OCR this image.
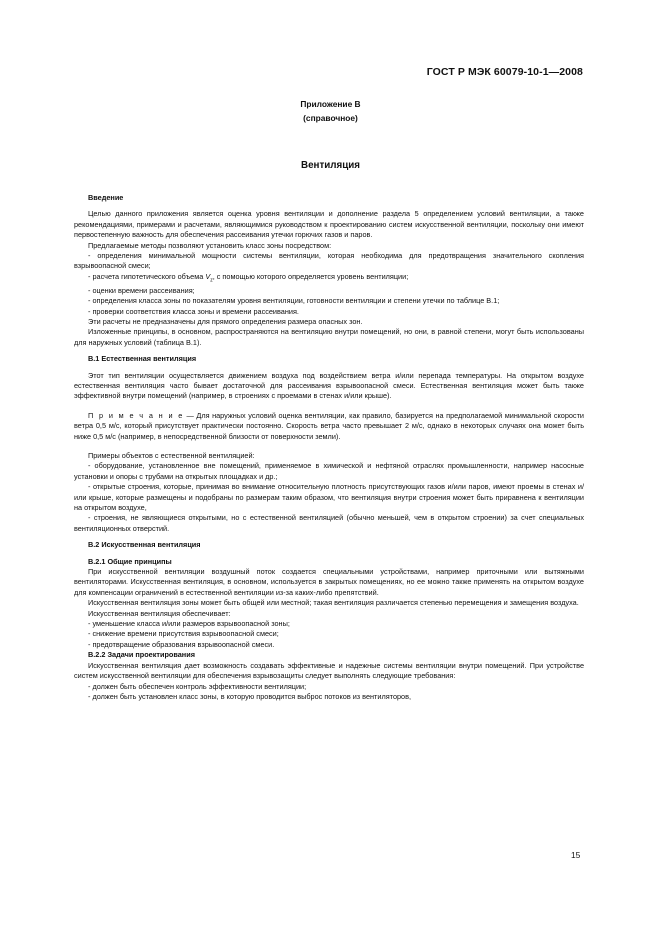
ГОСТ Р МЭК 60079-10-1—2008
Приложение В
(справочное)
Вентиляция

Введение

Целью данного приложения является оценка уровня вентиляции и дополнение раздела 5 определением условий вентиляции, а также рекомендациями, примерами и расчетами, являющимися руководством к проектированию систем искусственной вентиляции, поскольку они имеют первостепенную важность для обеспечения рассеивания утечки горючих газов и паров.

Предлагаемые методы позволяют установить класс зоны посредством:

- определения минимальной мощности системы вентиляции, которая необходима для предотвращения значительного скопления взрывоопасной смеси;

- расчета гипотетического объема $V_z$, с помощью которого определяется уровень вентиляции;

- оценки времени рассеивания;

- определения класса зоны по показателям уровня вентиляции, готовности вентиляции и степени утечки по таблице В.1;

- проверки соответствия класса зоны и времени рассеивания.

Эти расчеты не предназначены для прямого определения размера опасных зон.

Изложенные принципы, в основном, распространяются на вентиляцию внутри помещений, но они, в равной степени, могут быть использованы для наружных условий (таблица В.1).

В.1 Естественная вентиляция

Этот тип вентиляции осуществляется движением воздуха под воздействием ветра и/или перепада температуры. На открытом воздухе естественная вентиляция часто бывает достаточной для рассеивания взрывоопасной смеси. Естественная вентиляция может быть также эффективной внутри помещений (например, в строениях с проемами в стенах и/или крыше).

П р и м е ч а н и е — Для наружных условий оценка вентиляции, как правило, базируется на предполагаемой минимальной скорости ветра 0,5 м/с, который присутствует практически постоянно. Скорость ветра часто превышает 2 м/с, однако в некоторых случаях она может быть ниже 0,5 м/с (например, в непосредственной близости от поверхности земли).

Примеры объектов с естественной вентиляцией:

- оборудование, установленное вне помещений, применяемое в химической и нефтяной отраслях промышленности, например насосные установки и опоры с трубами на открытых площадках и др.;

- открытые строения, которые, принимая во внимание относительную плотность присутствующих газов и/или паров, имеют проемы в стенах и/или крыше, которые размещены и подобраны по размерам таким образом, что вентиляция внутри строения может быть приравнена к вентиляции на открытом воздухе,

- строения, не являющиеся открытыми, но с естественной вентиляцией (обычно меньшей, чем в открытом строении) за счет специальных вентиляционных отверстий.

В.2 Искусственная вентиляция

В.2.1 Общие принципы

При искусственной вентиляции воздушный поток создается специальными устройствами, например приточными или вытяжными вентиляторами. Искусственная вентиляция, в основном, используется в закрытых помещениях, но ее можно также применять на открытом воздухе для компенсации ограничений в естественной вентиляции из-за каких-либо препятствий.

Искусственная вентиляция зоны может быть общей или местной; такая вентиляция различается степенью перемещения и замещения воздуха.

Искусственная вентиляция обеспечивает:

- уменьшение класса и/или размеров взрывоопасной зоны;

- снижение времени присутствия взрывоопасной смеси;

- предотвращение образования взрывоопасной смеси.

В.2.2 Задачи проектирования

Искусственная вентиляция дает возможность создавать эффективные и надежные системы вентиляции внутри помещений. При устройстве систем искусственной вентиляции для обеспечения взрывозащиты следует выполнять следующие требования:

- должен быть обеспечен контроль эффективности вентиляции;

- должен быть установлен класс зоны, в которую проводится выброс потоков из вентиляторов,

15
